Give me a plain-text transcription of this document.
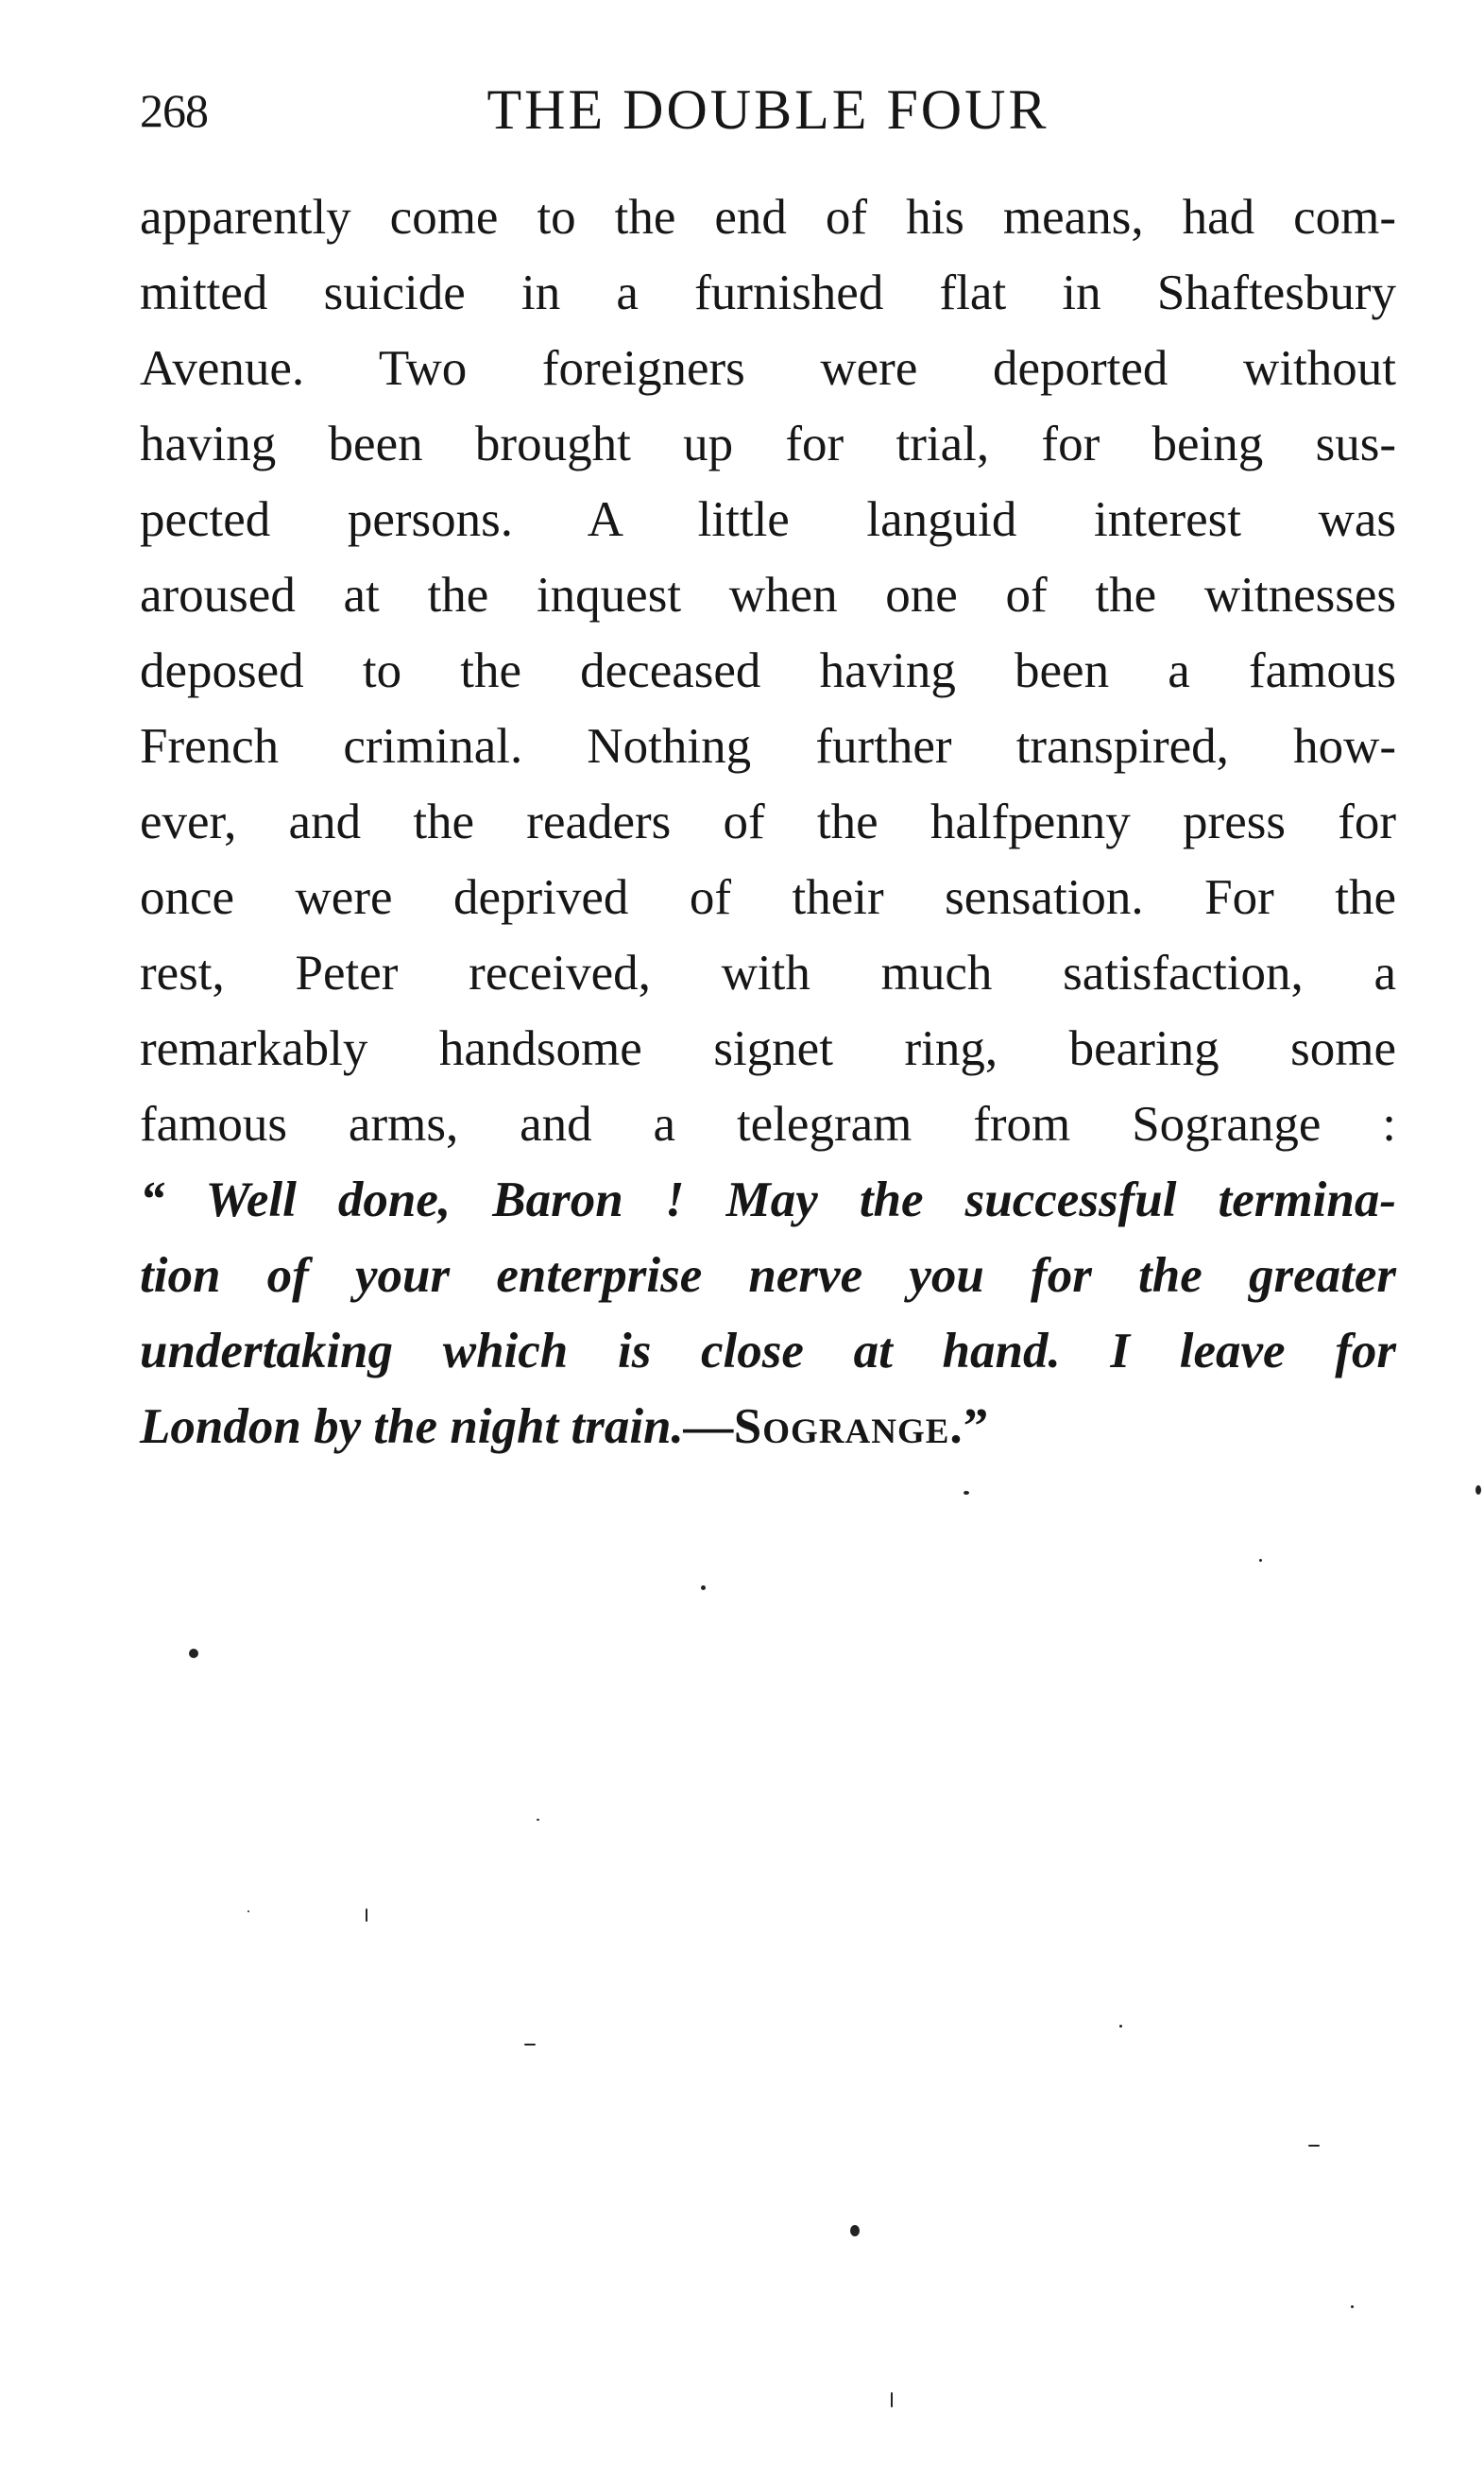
268	THE DOUBLE FOUR
apparently come to the end of his means, had com-
mitted suicide in a furnished flat in Shaftesbury
Avenue. Two foreigners were deported without
having been brought up for trial, for being sus-
pected persons. A little languid interest was
aroused at the inquest when one of the witnesses
deposed to the deceased having been a famous
French criminal. Nothing further transpired, how-
ever, and the readers of the halfpenny press for
once were deprived of their sensation. For the
rest, Peter received, with much satisfaction, a
remarkably handsome signet ring, bearing some
famous arms, and a telegram from Sogrange :
“ Well done, Baron ! May the successful termina-
tion of your enterprise nerve you for the greater
undertaking which is close at hand. I leave for
London by the night train.—Sogrange.”
